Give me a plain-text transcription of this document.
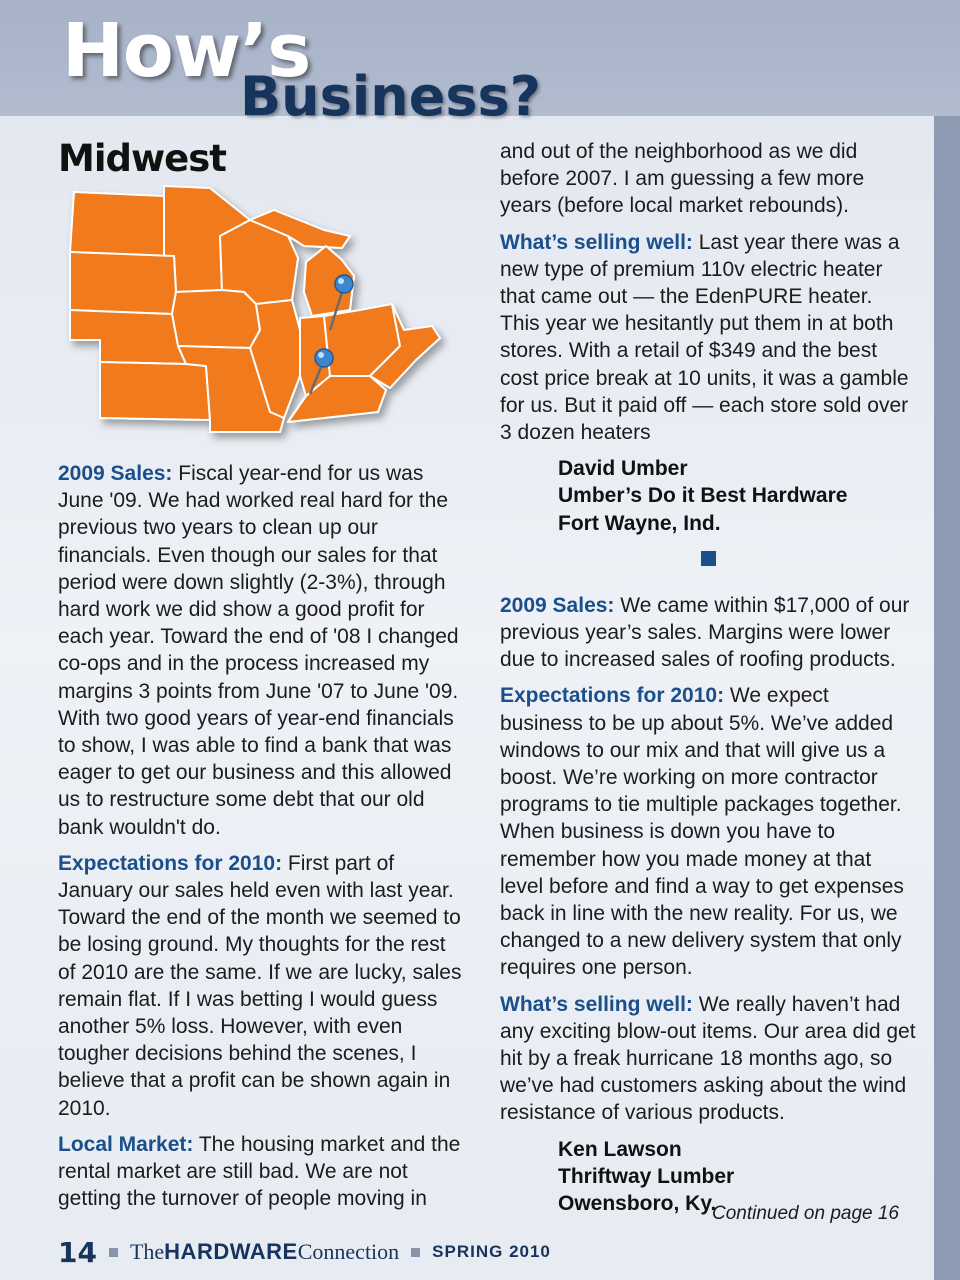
How’s
Business?
Midwest

2009 Sales: Fiscal year-end for us was June '09. We had worked real hard for the previous two years to clean up our financials. Even though our sales for that period were down slightly (2-3%), through hard work we did show a good profit for each year. Toward the end of '08 I changed co-ops and in the process increased my margins 3 points from June '07 to June '09. With two good years of year-end financials to show, I was able to find a bank that was eager to get our business and this allowed us to restructure some debt that our old bank wouldn't do.

Expectations for 2010: First part of January our sales held even with last year. Toward the end of the month we seemed to be losing ground. My thoughts for the rest of 2010 are the same. If we are lucky, sales remain flat. If I was betting I would guess another 5% loss. However, with even tougher decisions behind the scenes, I believe that a profit can be shown again in 2010.

Local Market: The housing market and the rental market are still bad. We are not getting the turnover of people moving in

and out of the neighborhood as we did before 2007. I am guessing a few more years (before local market rebounds).

What’s selling well: Last year there was a new type of premium 110v electric heater that came out — the EdenPURE heater. This year we hesitantly put them in at both stores. With a retail of $349 and the best cost price break at 10 units, it was a gamble for us. But it paid off — each store sold over 3 dozen heaters

David Umber
Umber’s Do it Best Hardware
Fort Wayne, Ind.

2009 Sales: We came within $17,000 of our previous year’s sales. Margins were lower due to increased sales of roofing products.

Expectations for 2010: We expect business to be up about 5%. We’ve added windows to our mix and that will give us a boost. We’re working on more contractor programs to tie multiple packages together. When business is down you have to remember how you made money at that level before and find a way to get expenses back in line with the new reality. For us, we changed to a new delivery system that only requires one person.

What’s selling well: We really haven’t had any exciting blow-out items. Our area did get hit by a freak hurricane 18 months ago, so we’ve had customers asking about the wind resistance of various products.

Ken Lawson
Thriftway Lumber
Owensboro, Ky.
Continued on page 16
14 The HARDWARE Connection SPRING 2010
